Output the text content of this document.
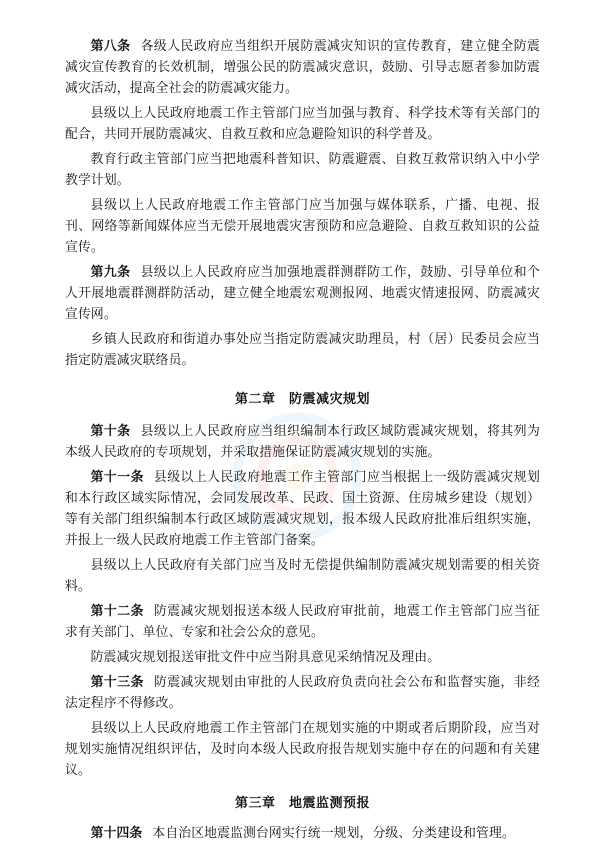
第八条 各级人民政府应当组织开展防震减灾知识的宣传教育，建立健全防震减灾宣传教育的长效机制，增强公民的防震减灾意识，鼓励、引导志愿者参加防震减灾活动，提高全社会的防震减灾能力。

县级以上人民政府地震工作主管部门应当加强与教育、科学技术等有关部门的配合，共同开展防震减灾、自救互救和应急避险知识的科学普及。

教育行政主管部门应当把地震科普知识、防震避震、自救互救常识纳入中小学教学计划。

县级以上人民政府地震工作主管部门应当加强与媒体联系，广播、电视、报刊、网络等新闻媒体应当无偿开展地震灾害预防和应急避险、自救互救知识的公益宣传。

第九条 县级以上人民政府应当加强地震群测群防工作，鼓励、引导单位和个人开展地震群测群防活动，建立健全地震宏观测报网、地震灾情速报网、防震减灾宣传网。

乡镇人民政府和街道办事处应当指定防震减灾助理员，村（居）民委员会应当指定防震减灾联络员。

第二章　防震减灾规划

第十条 县级以上人民政府应当组织编制本行政区域防震减灾规划，将其列为本级人民政府的专项规划，并采取措施保证防震减灾规划的实施。

第十一条 县级以上人民政府地震工作主管部门应当根据上一级防震减灾规划和本行政区域实际情况，会同发展改革、民政、国土资源、住房城乡建设（规划）等有关部门组织编制本行政区域防震减灾规划，报本级人民政府批准后组织实施，并报上一级人民政府地震工作主管部门备案。

县级以上人民政府有关部门应当及时无偿提供编制防震减灾规划需要的相关资料。

第十二条 防震减灾规划报送本级人民政府审批前，地震工作主管部门应当征求有关部门、单位、专家和社会公众的意见。

防震减灾规划报送审批文件中应当附具意见采纳情况及理由。

第十三条 防震减灾规划由审批的人民政府负责向社会公布和监督实施，非经法定程序不得修改。

县级以上人民政府地震工作主管部门在规划实施的中期或者后期阶段，应当对规划实施情况组织评估，及时向本级人民政府报告规划实施中存在的问题和有关建议。

第三章　地震监测预报

第十四条 本自治区地震监测台网实行统一规划，分级、分类建设和管理。
